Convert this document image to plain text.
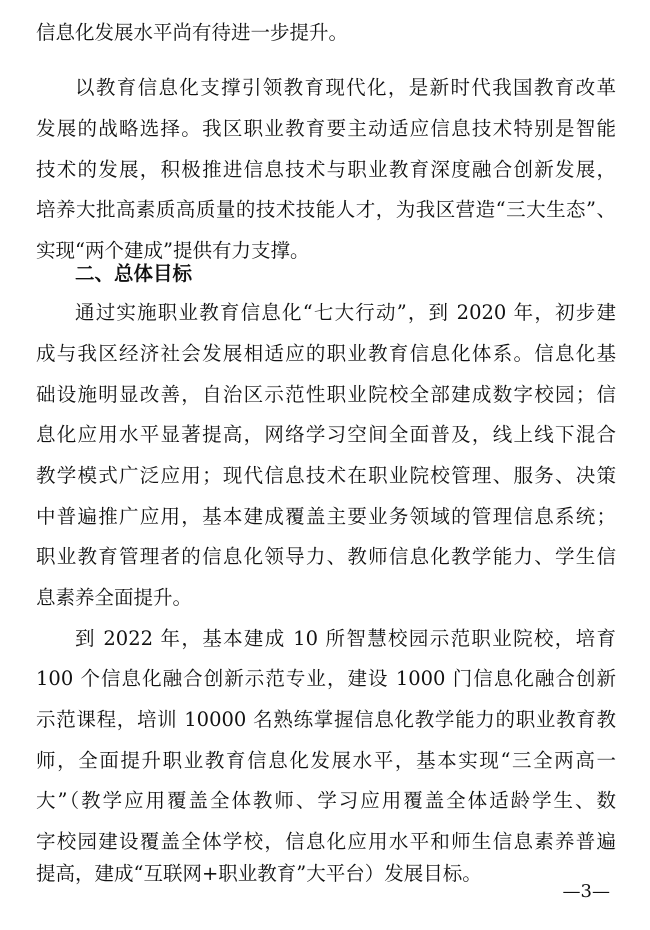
信息化发展水平尚有待进一步提升。
以教育信息化支撑引领教育现代化，是新时代我国教育改革
发展的战略选择。我区职业教育要主动适应信息技术特别是智能
技术的发展，积极推进信息技术与职业教育深度融合创新发展，
培养大批高素质高质量的技术技能人才，为我区营造“三大生态”、
实现“两个建成”提供有力支撑。
二、总体目标
通过实施职业教育信息化“七大行动”，到 2020 年，初步建
成与我区经济社会发展相适应的职业教育信息化体系。信息化基
础设施明显改善，自治区示范性职业院校全部建成数字校园；信
息化应用水平显著提高，网络学习空间全面普及，线上线下混合
教学模式广泛应用；现代信息技术在职业院校管理、服务、决策
中普遍推广应用，基本建成覆盖主要业务领域的管理信息系统；
职业教育管理者的信息化领导力、教师信息化教学能力、学生信
息素养全面提升。
到 2022 年，基本建成 10 所智慧校园示范职业院校，培育
100 个信息化融合创新示范专业，建设 1000 门信息化融合创新
示范课程，培训 10000 名熟练掌握信息化教学能力的职业教育教
师，全面提升职业教育信息化发展水平，基本实现“三全两高一
大”（教学应用覆盖全体教师、学习应用覆盖全体适龄学生、数
字校园建设覆盖全体学校，信息化应用水平和师生信息素养普遍
提高，建成“互联网+职业教育”大平台）发展目标。
—3—
